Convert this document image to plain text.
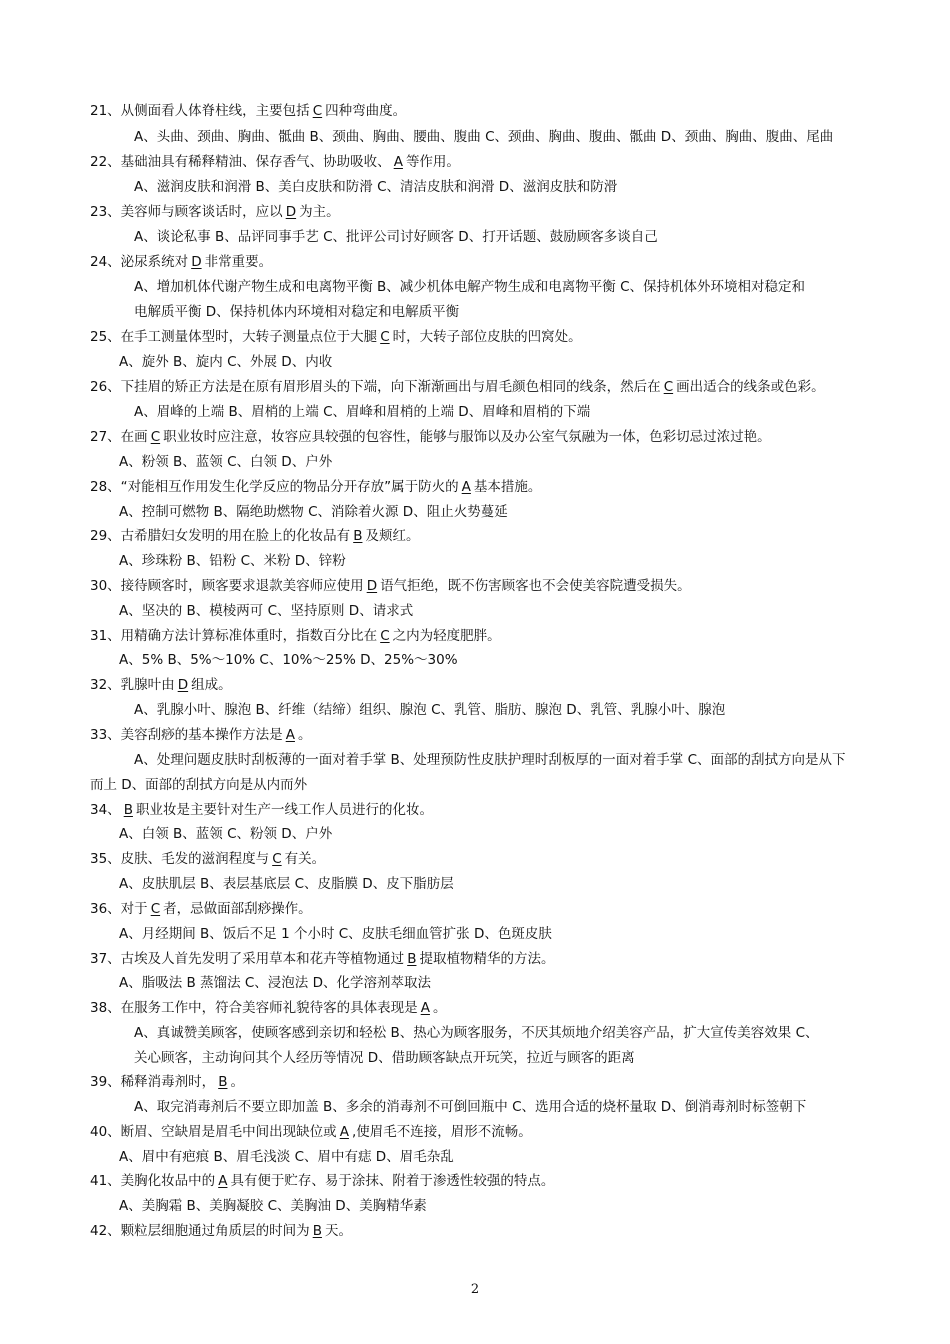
21、从侧面看人体脊柱线，主要包括 C 四种弯曲度。
A、头曲、颈曲、胸曲、骶曲 B、颈曲、胸曲、腰曲、腹曲 C、颈曲、胸曲、腹曲、骶曲 D、颈曲、胸曲、腹曲、尾曲
22、基础油具有稀释精油、保存香气、协助吸收、 A 等作用。
A、滋润皮肤和润滑 B、美白皮肤和防滑 C、清洁皮肤和润滑 D、滋润皮肤和防滑
23、美容师与顾客谈话时，应以 D 为主。
A、谈论私事 B、品评同事手艺 C、批评公司讨好顾客 D、打开话题、鼓励顾客多谈自己
24、泌尿系统对 D 非常重要。
A、增加机体代谢产物生成和电离物平衡 B、减少机体电解产物生成和电离物平衡 C、保持机体外环境相对稳定和
电解质平衡 D、保持机体内环境相对稳定和电解质平衡
25、在手工测量体型时，大转子测量点位于大腿 C 时，大转子部位皮肤的凹窝处。
A、旋外 B、旋内 C、外展 D、内收
26、下挂眉的矫正方法是在原有眉形眉头的下端，向下渐渐画出与眉毛颜色相同的线条，然后在 C 画出适合的线条或色彩。
A、眉峰的上端 B、眉梢的上端 C、眉峰和眉梢的上端 D、眉峰和眉梢的下端
27、在画 C 职业妆时应注意，妆容应具较强的包容性，能够与服饰以及办公室气氛融为一体，色彩切忌过浓过艳。
A、粉领 B、蓝领 C、白领 D、户外
28、“对能相互作用发生化学反应的物品分开存放”属于防火的 A 基本措施。
A、控制可燃物 B、隔绝助燃物 C、消除着火源 D、阻止火势蔓延
29、古希腊妇女发明的用在脸上的化妆品有 B 及颊红。
A、珍珠粉 B、铅粉 C、米粉 D、锌粉
30、接待顾客时，顾客要求退款美容师应使用 D 语气拒绝，既不伤害顾客也不会使美容院遭受损失。
A、坚决的 B、模棱两可 C、坚持原则 D、请求式
31、用精确方法计算标准体重时，指数百分比在 C 之内为轻度肥胖。
A、5% B、5%～10% C、10%～25% D、25%～30%
32、乳腺叶由 D 组成。
A、乳腺小叶、腺泡 B、纤维（结缔）组织、腺泡 C、乳管、脂肪、腺泡 D、乳管、乳腺小叶、腺泡
33、美容刮痧的基本操作方法是 A 。
A、处理问题皮肤时刮板薄的一面对着手掌 B、处理预防性皮肤护理时刮板厚的一面对着手掌 C、面部的刮拭方向是从下
而上 D、面部的刮拭方向是从内而外
34、 B 职业妆是主要针对生产一线工作人员进行的化妆。
A、白领 B、蓝领 C、粉领 D、户外
35、皮肤、毛发的滋润程度与 C 有关。
A、皮肤肌层 B、表层基底层 C、皮脂膜 D、皮下脂肪层
36、对于 C 者，忌做面部刮痧操作。
A、月经期间 B、饭后不足 1 个小时 C、皮肤毛细血管扩张 D、色斑皮肤
37、古埃及人首先发明了采用草本和花卉等植物通过 B 提取植物精华的方法。
A、脂吸法 B 蒸馏法 C、浸泡法 D、化学溶剂萃取法
38、在服务工作中，符合美容师礼貌待客的具体表现是 A 。
A、真诚赞美顾客，使顾客感到亲切和轻松 B、热心为顾客服务，不厌其烦地介绍美容产品，扩大宣传美容效果 C、
关心顾客，主动询问其个人经历等情况 D、借助顾客缺点开玩笑，拉近与顾客的距离
39、稀释消毒剂时， B 。
A、取完消毒剂后不要立即加盖 B、多余的消毒剂不可倒回瓶中 C、选用合适的烧杯量取 D、倒消毒剂时标签朝下
40、断眉、空缺眉是眉毛中间出现缺位或 A ,使眉毛不连接，眉形不流畅。
A、眉中有疤痕 B、眉毛浅淡 C、眉中有痣 D、眉毛杂乱
41、美胸化妆品中的 A 具有便于贮存、易于涂抹、附着于渗透性较强的特点。
A、美胸霜 B、美胸凝胶 C、美胸油 D、美胸精华素
42、颗粒层细胞通过角质层的时间为 B 天。
2
